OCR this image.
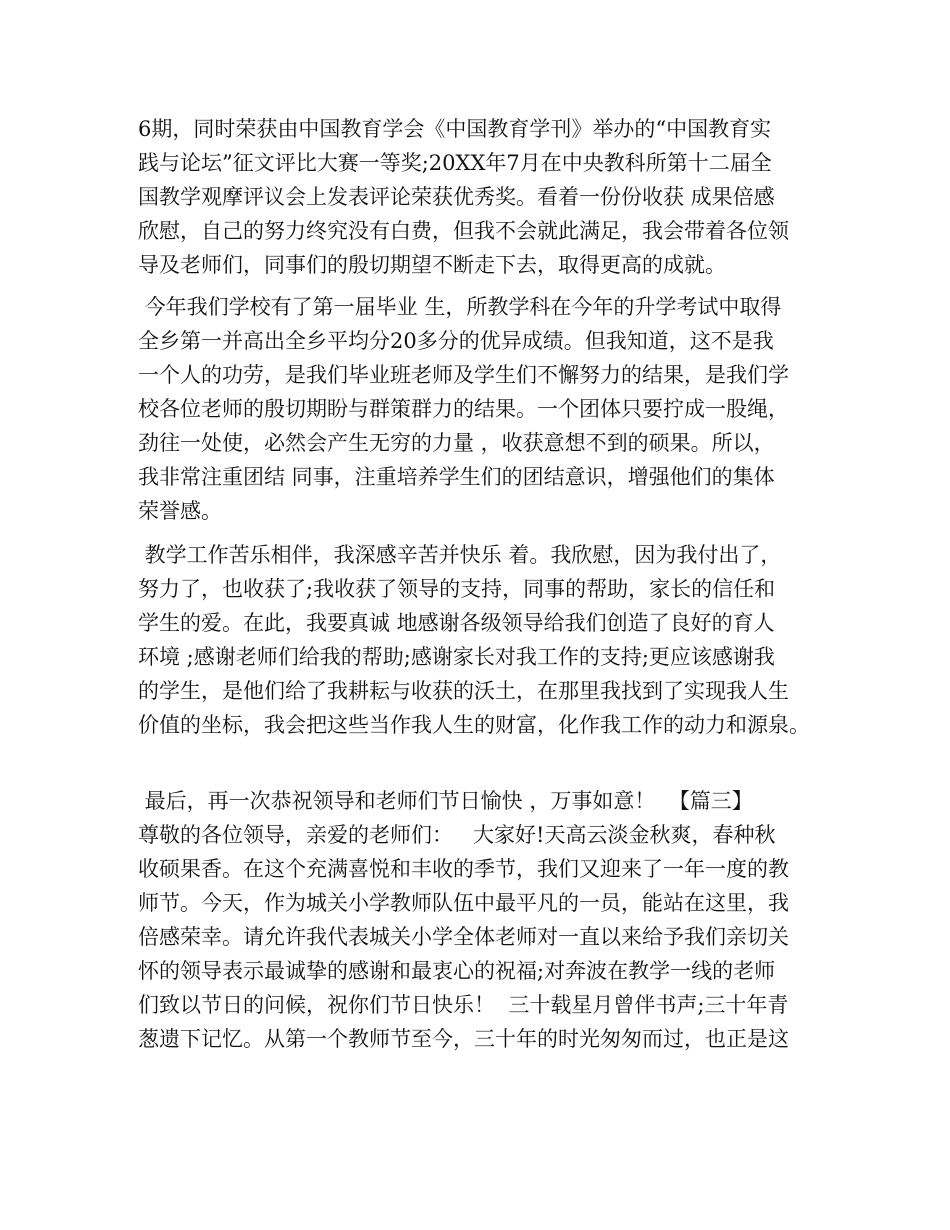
6期，同时荣获由中国教育学会《中国教育学刊》举办的“中国教育实
践与论坛”征文评比大赛一等奖;20XX年7月在中央教科所第十二届全
国教学观摩评议会上发表评论荣获优秀奖。看着一份份收获 成果倍感
欣慰，自己的努力终究没有白费，但我不会就此满足，我会带着各位领
导及老师们，同事们的殷切期望不断走下去，取得更高的成就。
今年我们学校有了第一届毕业 生，所教学科在今年的升学考试中取得
全乡第一并高出全乡平均分20多分的优异成绩。但我知道，这不是我
一个人的功劳，是我们毕业班老师及学生们不懈努力的结果，是我们学
校各位老师的殷切期盼与群策群力的结果。一个团体只要拧成一股绳，
劲往一处使，必然会产生无穷的力量 ，收获意想不到的硕果。所以，
我非常注重团结 同事，注重培养学生们的团结意识，增强他们的集体
荣誉感。
教学工作苦乐相伴，我深感辛苦并快乐 着。我欣慰，因为我付出了，
努力了，也收获了;我收获了领导的支持，同事的帮助，家长的信任和
学生的爱。在此，我要真诚 地感谢各级领导给我们创造了良好的育人
环境 ;感谢老师们给我的帮助;感谢家长对我工作的支持;更应该感谢我
的学生，是他们给了我耕耘与收获的沃土，在那里我找到了实现我人生
价值的坐标，我会把这些当作我人生的财富，化作我工作的动力和源泉。
最后，再一次恭祝领导和老师们节日愉快 ，万事如意！  【篇三】
尊敬的各位领导，亲爱的老师们：   大家好!天高云淡金秋爽，春种秋
收硕果香。在这个充满喜悦和丰收的季节，我们又迎来了一年一度的教
师节。今天，作为城关小学教师队伍中最平凡的一员，能站在这里，我
倍感荣幸。请允许我代表城关小学全体老师对一直以来给予我们亲切关
怀的领导表示最诚挚的感谢和最衷心的祝福;对奔波在教学一线的老师
们致以节日的问候，祝你们节日快乐！  三十载星月曾伴书声;三十年青
葱遗下记忆。从第一个教师节至今，三十年的时光匆匆而过，也正是这
